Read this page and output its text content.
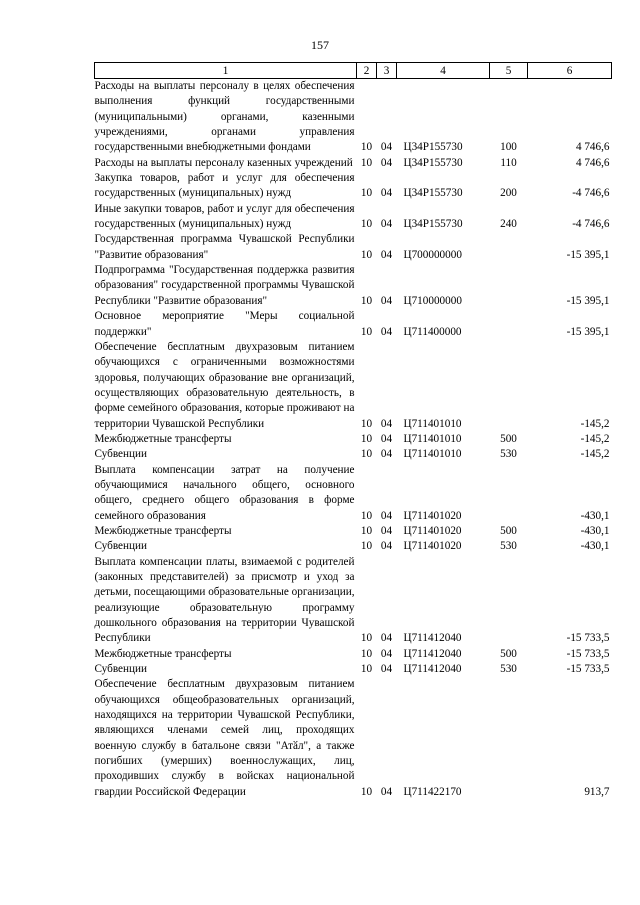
157
1	2	3	4	5	6
Расходы на выплаты персоналу в целях обеспечения выполнения функций государственными (муниципальными) органами, казенными учреждениями, органами управления государственными внебюджетными фондами	10	04	Ц34Р155730	100	4 746,6
Расходы на выплаты персоналу казенных учреждений	10	04	Ц34Р155730	110	4 746,6
Закупка товаров, работ и услуг для обеспечения государственных (муниципальных) нужд	10	04	Ц34Р155730	200	-4 746,6
Иные закупки товаров, работ и услуг для обеспечения государственных (муниципальных) нужд	10	04	Ц34Р155730	240	-4 746,6
Государственная программа Чувашской Республики "Развитие образования"	10	04	Ц700000000		-15 395,1
Подпрограмма "Государственная поддержка развития образования" государственной программы Чувашской Республики "Развитие образования"	10	04	Ц710000000		-15 395,1
Основное мероприятие "Меры социальной поддержки"	10	04	Ц711400000		-15 395,1
Обеспечение бесплатным двухразовым питанием обучающихся с ограниченными возможностями здоровья, получающих образование вне организаций, осуществляющих образовательную деятельность, в форме семейного образования, которые проживают на территории Чувашской Республики	10	04	Ц711401010		-145,2
Межбюджетные трансферты	10	04	Ц711401010	500	-145,2
Субвенции	10	04	Ц711401010	530	-145,2
Выплата компенсации затрат на получение обучающимися начального общего, основного общего, среднего общего образования в форме семейного образования	10	04	Ц711401020		-430,1
Межбюджетные трансферты	10	04	Ц711401020	500	-430,1
Субвенции	10	04	Ц711401020	530	-430,1
Выплата компенсации платы, взимаемой с родителей (законных представителей) за присмотр и уход за детьми, посещающими образовательные организации, реализующие образовательную программу дошкольного образования на территории Чувашской Республики	10	04	Ц711412040		-15 733,5
Межбюджетные трансферты	10	04	Ц711412040	500	-15 733,5
Субвенции	10	04	Ц711412040	530	-15 733,5
Обеспечение бесплатным двухразовым питанием обучающихся общеобразовательных организаций, находящихся на территории Чувашской Республики, являющихся членами семей лиц, проходящих военную службу в батальоне связи "Атӑл", а также погибших (умерших) военнослужащих, лиц, проходивших службу в войсках национальной гвардии Российской Федерации	10	04	Ц711422170		913,7
